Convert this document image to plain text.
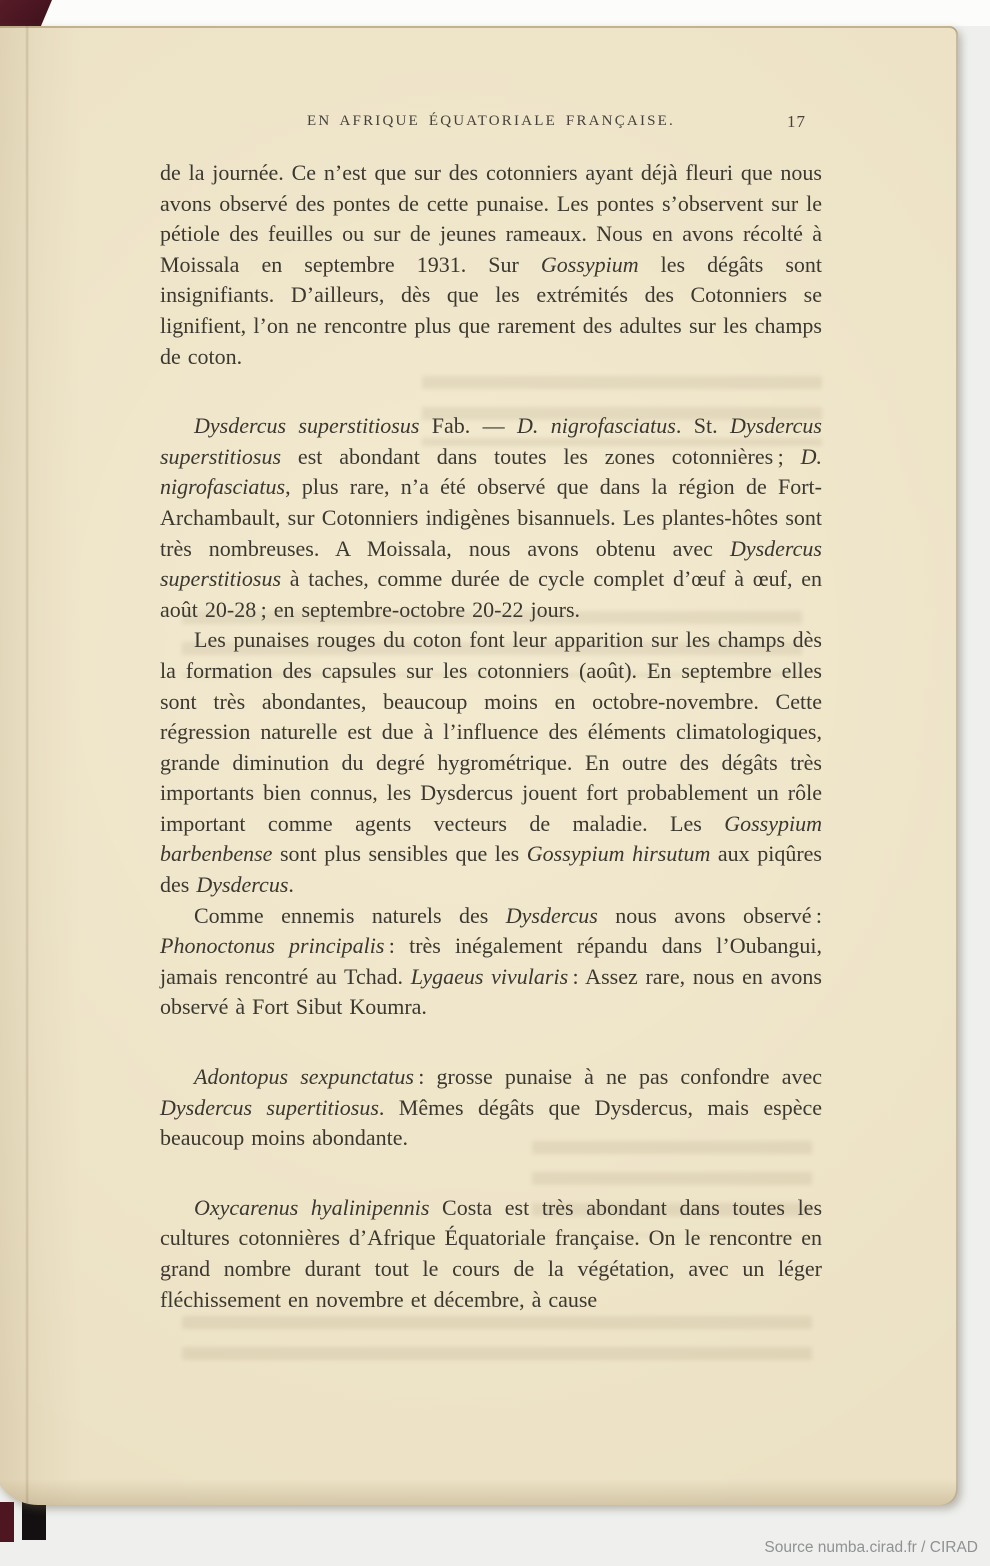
EN AFRIQUE ÉQUATORIALE FRANÇAISE.	17

de la journée. Ce n’est que sur des cotonniers ayant déjà fleuri que nous avons observé des pontes de cette punaise. Les pontes s’observent sur le pétiole des feuilles ou sur de jeunes rameaux. Nous en avons récolté à Moissala en septembre 1931. Sur Gossypium les dégâts sont insignifiants. D’ailleurs, dès que les extrémités des Cotonniers se lignifient, l’on ne rencontre plus que rarement des adultes sur les champs de coton.

Dysdercus superstitiosus Fab. — D. nigrofasciatus. St. Dysdercus superstitiosus est abondant dans toutes les zones cotonnières ; D. nigrofasciatus, plus rare, n’a été observé que dans la région de Fort-Archambault, sur Cotonniers indigènes bisannuels. Les plantes-hôtes sont très nombreuses. A Moissala, nous avons obtenu avec Dysdercus superstitiosus à taches, comme durée de cycle complet d’œuf à œuf, en août 20-28 ; en septembre-octobre 20-22 jours.

Les punaises rouges du coton font leur apparition sur les champs dès la formation des capsules sur les cotonniers (août). En septembre elles sont très abondantes, beaucoup moins en octobre-novembre. Cette régression naturelle est due à l’influence des éléments climatologiques, grande diminution du degré hygrométrique. En outre des dégâts très importants bien connus, les Dysdercus jouent fort probablement un rôle important comme agents vecteurs de maladie. Les Gossypium barbenbense sont plus sensibles que les Gossypium hirsutum aux piqûres des Dysdercus.

Comme ennemis naturels des Dysdercus nous avons observé : Phonoctonus principalis : très inégalement répandu dans l’Oubangui, jamais rencontré au Tchad. Lygaeus vivularis : Assez rare, nous en avons observé à Fort Sibut Koumra.

Adontopus sexpunctatus : grosse punaise à ne pas confondre avec Dysdercus supertitiosus. Mêmes dégâts que Dysdercus, mais espèce beaucoup moins abondante.

Oxycarenus hyalinipennis Costa est très abondant dans toutes les cultures cotonnières d’Afrique Équatoriale française. On le rencontre en grand nombre durant tout le cours de la végétation, avec un léger fléchissement en novembre et décembre, à cause

Source numba.cirad.fr / CIRAD
